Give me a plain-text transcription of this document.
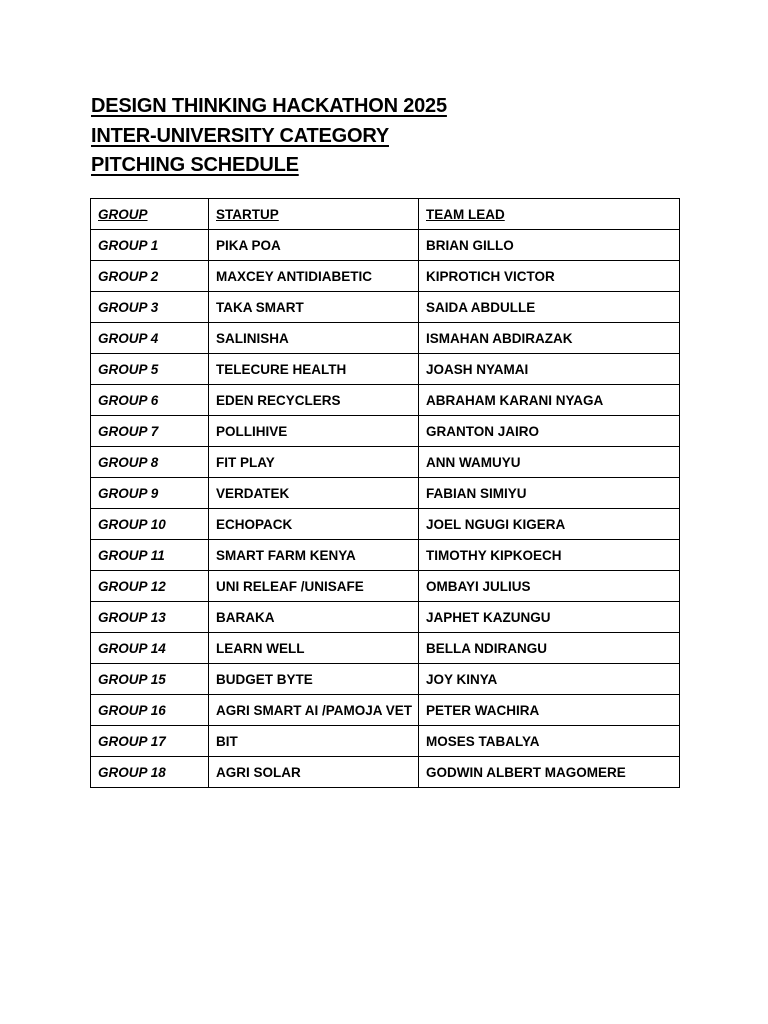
DESIGN THINKING HACKATHON 2025
INTER-UNIVERSITY CATEGORY
PITCHING SCHEDULE
GROUP	STARTUP	TEAM LEAD
GROUP 1	PIKA POA	BRIAN GILLO
GROUP 2	MAXCEY ANTIDIABETIC	KIPROTICH VICTOR
GROUP 3	TAKA SMART	SAIDA ABDULLE
GROUP 4	SALINISHA	ISMAHAN ABDIRAZAK
GROUP 5	TELECURE HEALTH	JOASH NYAMAI
GROUP 6	EDEN RECYCLERS	ABRAHAM KARANI NYAGA
GROUP 7	POLLIHIVE	GRANTON JAIRO
GROUP 8	FIT PLAY	ANN WAMUYU
GROUP 9	VERDATEK	FABIAN SIMIYU
GROUP 10	ECHOPACK	JOEL NGUGI KIGERA
GROUP 11	SMART FARM KENYA	TIMOTHY KIPKOECH
GROUP 12	UNI RELEAF /UNISAFE	OMBAYI JULIUS
GROUP 13	BARAKA	JAPHET KAZUNGU
GROUP 14	LEARN WELL	BELLA NDIRANGU
GROUP 15	BUDGET BYTE	JOY KINYA
GROUP 16	AGRI SMART AI /PAMOJA VET	PETER WACHIRA
GROUP 17	BIT	MOSES TABALYA
GROUP 18	AGRI SOLAR	GODWIN ALBERT MAGOMERE
